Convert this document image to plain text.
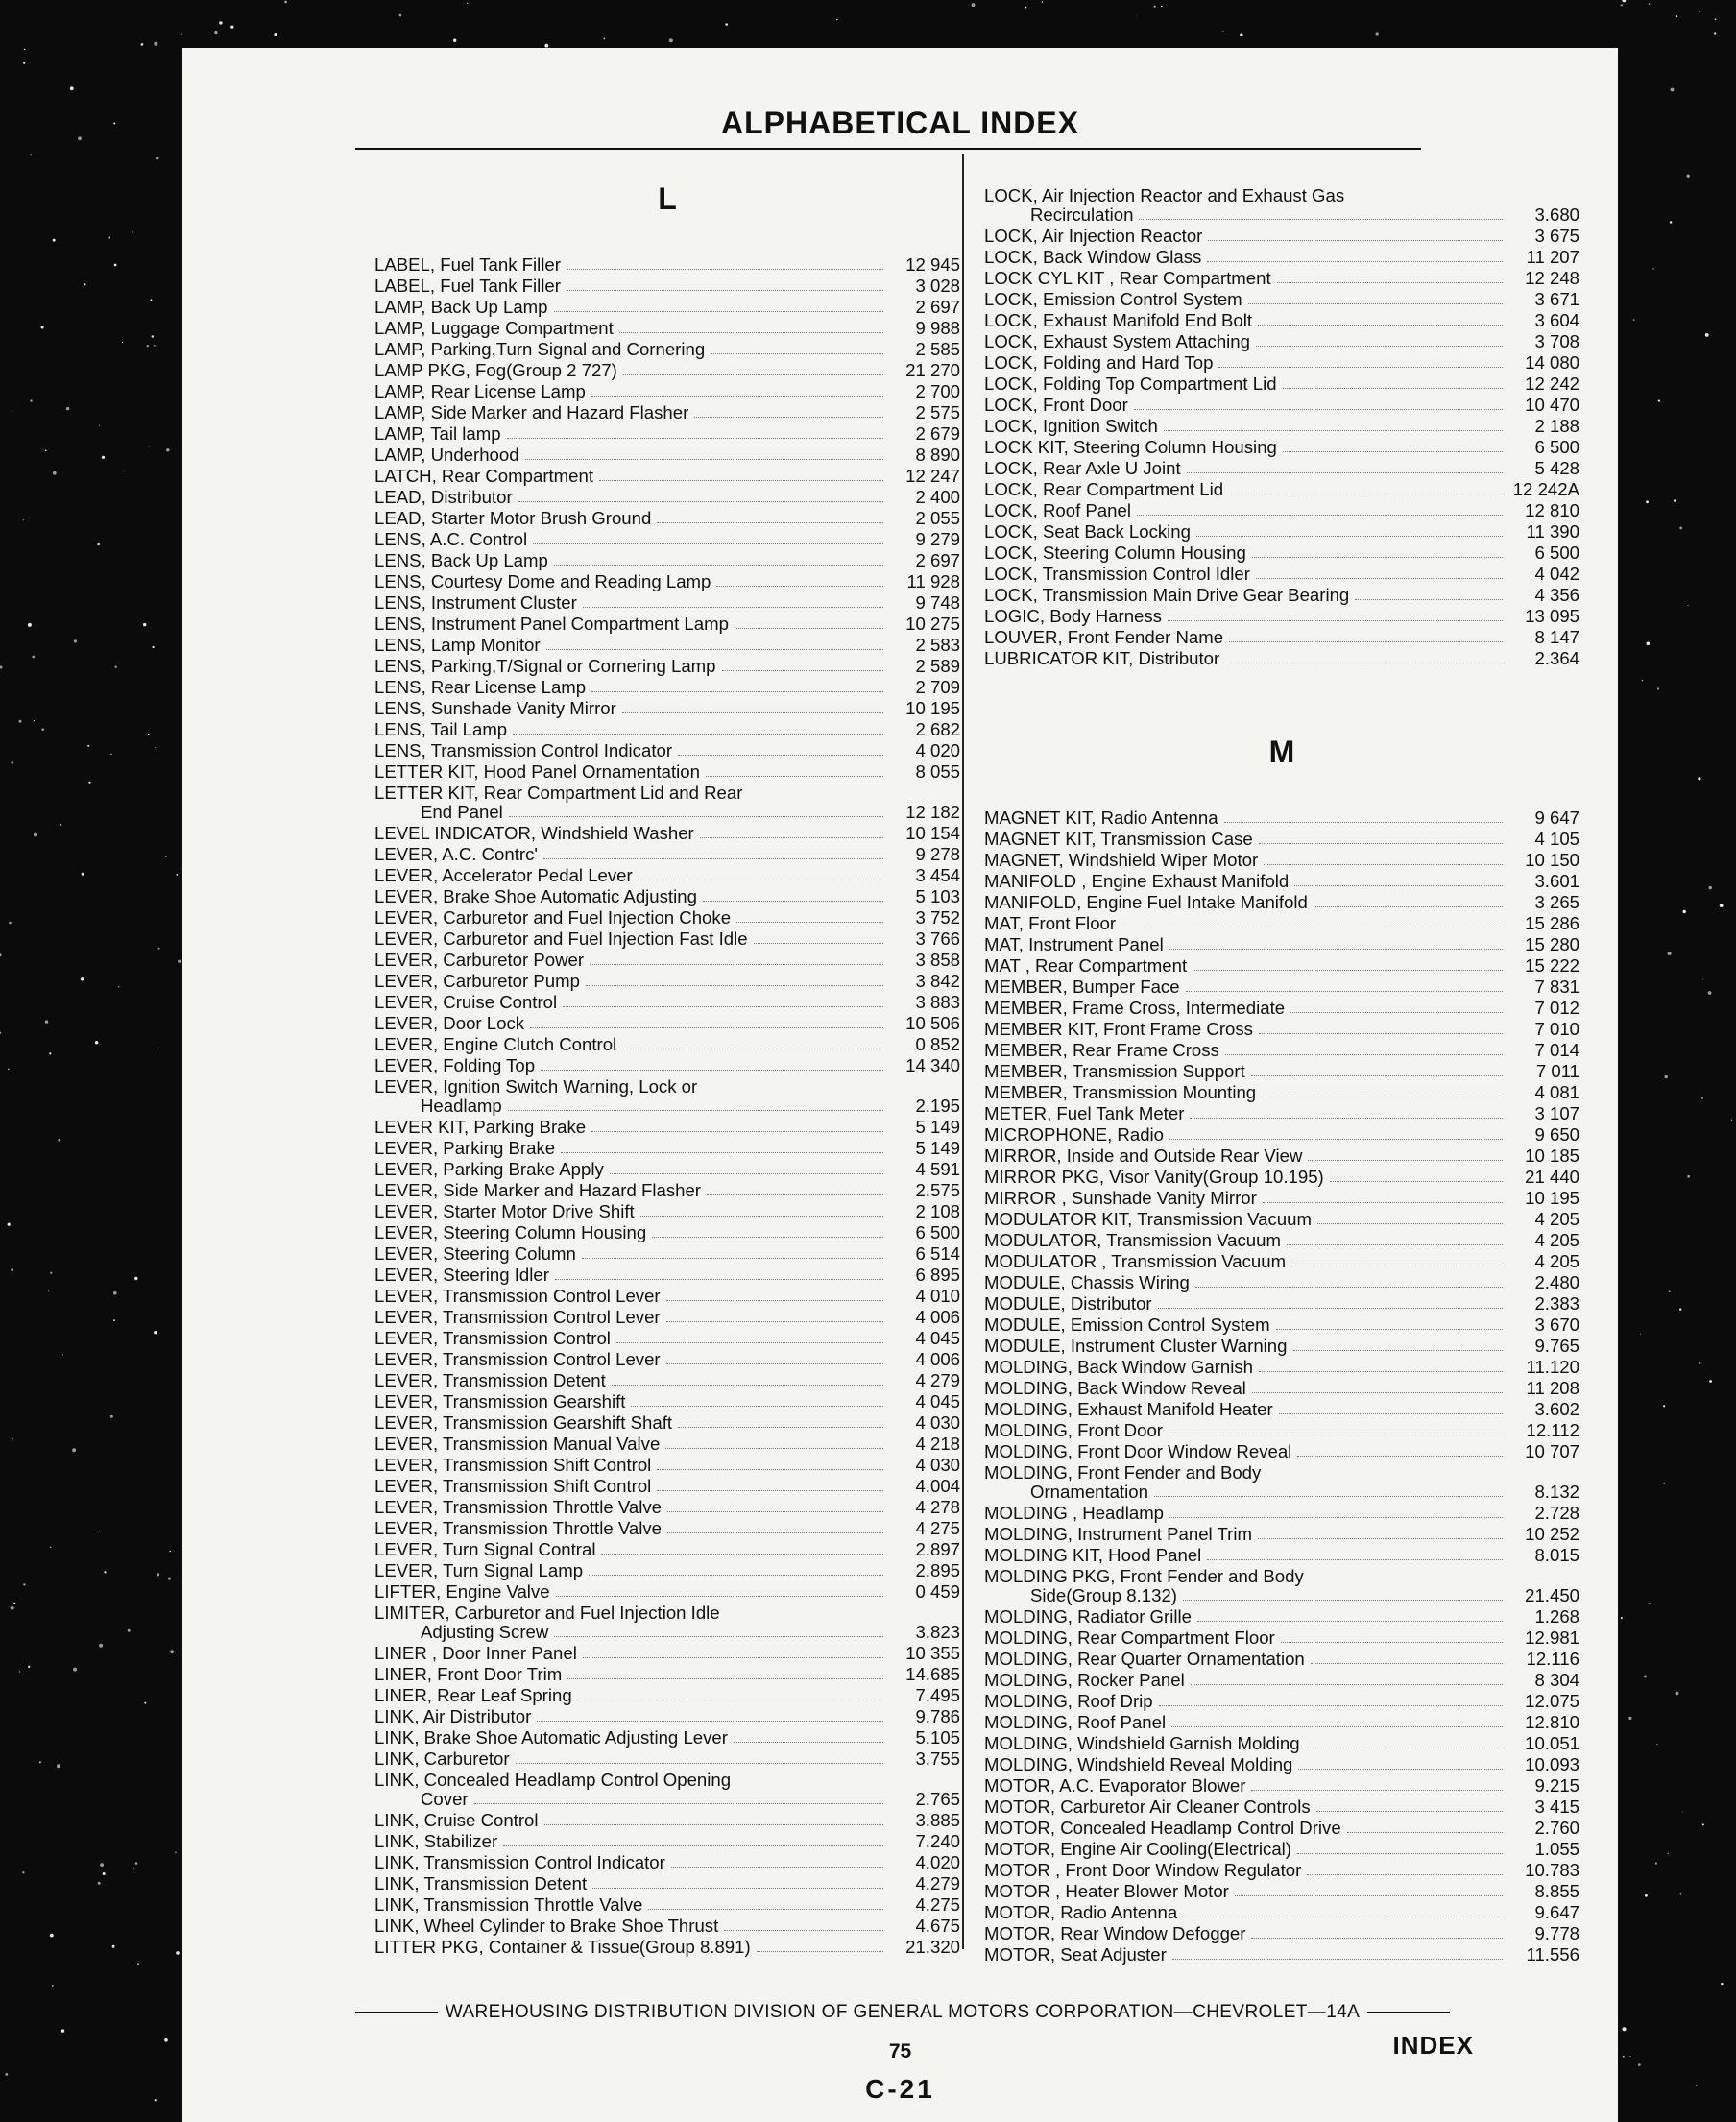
ALPHABETICAL INDEX
L
LABEL, Fuel Tank Filler	12 945
LABEL, Fuel Tank Filler	3 028
LAMP, Back Up Lamp	2 697
LAMP, Luggage Compartment	9 988
LAMP, Parking,Turn Signal and Cornering	2 585
LAMP PKG, Fog(Group 2 727)	21 270
LAMP, Rear License Lamp	2 700
LAMP, Side Marker and Hazard Flasher	2 575
LAMP, Tail lamp	2 679
LAMP, Underhood	8 890
LATCH, Rear Compartment	12 247
LEAD, Distributor	2 400
LEAD, Starter Motor Brush Ground	2 055
LENS, A.C. Control	9 279
LENS, Back Up Lamp	2 697
LENS, Courtesy Dome and Reading Lamp	11 928
LENS, Instrument Cluster	9 748
LENS, Instrument Panel Compartment Lamp	10 275
LENS, Lamp Monitor	2 583
LENS, Parking,T/Signal or Cornering Lamp	2 589
LENS, Rear License Lamp	2 709
LENS, Sunshade Vanity Mirror	10 195
LENS, Tail Lamp	2 682
LENS, Transmission Control Indicator	4 020
LETTER KIT, Hood Panel Ornamentation	8 055
LETTER KIT, Rear Compartment Lid and Rear
End Panel	12 182
LEVEL INDICATOR, Windshield Washer	10 154
LEVER, A.C. Contrc'	9 278
LEVER, Accelerator Pedal Lever	3 454
LEVER, Brake Shoe Automatic Adjusting	5 103
LEVER, Carburetor and Fuel Injection Choke	3 752
LEVER, Carburetor and Fuel Injection Fast Idle	3 766
LEVER, Carburetor Power	3 858
LEVER, Carburetor Pump	3 842
LEVER, Cruise Control	3 883
LEVER, Door Lock	10 506
LEVER, Engine Clutch Control	0 852
LEVER, Folding Top	14 340
LEVER, Ignition Switch Warning, Lock or
Headlamp	2.195
LEVER KIT, Parking Brake	5 149
LEVER, Parking Brake	5 149
LEVER, Parking Brake Apply	4 591
LEVER, Side Marker and Hazard Flasher	2.575
LEVER, Starter Motor Drive Shift	2 108
LEVER, Steering Column Housing	6 500
LEVER, Steering Column	6 514
LEVER, Steering Idler	6 895
LEVER, Transmission Control Lever	4 010
LEVER, Transmission Control Lever	4 006
LEVER, Transmission Control	4 045
LEVER, Transmission Control Lever	4 006
LEVER, Transmission Detent	4 279
LEVER, Transmission Gearshift	4 045
LEVER, Transmission Gearshift Shaft	4 030
LEVER, Transmission Manual Valve	4 218
LEVER, Transmission Shift Control	4 030
LEVER, Transmission Shift Control	4.004
LEVER, Transmission Throttle Valve	4 278
LEVER, Transmission Throttle Valve	4 275
LEVER, Turn Signal Contral	2.897
LEVER, Turn Signal Lamp	2.895
LIFTER, Engine Valve	0 459
LIMITER, Carburetor and Fuel Injection Idle
Adjusting Screw	3.823
LINER , Door Inner Panel	10 355
LINER, Front Door Trim	14.685
LINER, Rear Leaf Spring	7.495
LINK, Air Distributor	9.786
LINK, Brake Shoe Automatic Adjusting Lever	5.105
LINK, Carburetor	3.755
LINK, Concealed Headlamp Control Opening
Cover	2.765
LINK, Cruise Control	3.885
LINK, Stabilizer	7.240
LINK, Transmission Control Indicator	4.020
LINK, Transmission Detent	4.279
LINK, Transmission Throttle Valve	4.275
LINK, Wheel Cylinder to Brake Shoe Thrust	4.675
LITTER PKG, Container & Tissue(Group 8.891)	21.320
LOCK, Air Injection Reactor and Exhaust Gas
Recirculation	3.680
LOCK, Air Injection Reactor	3 675
LOCK, Back Window Glass	11 207
LOCK CYL KIT , Rear Compartment	12 248
LOCK, Emission Control System	3 671
LOCK, Exhaust Manifold End Bolt	3 604
LOCK, Exhaust System Attaching	3 708
LOCK, Folding and Hard Top	14 080
LOCK, Folding Top Compartment Lid	12 242
LOCK, Front Door	10 470
LOCK, Ignition Switch	2 188
LOCK KIT, Steering Column Housing	6 500
LOCK, Rear Axle U Joint	5 428
LOCK, Rear Compartment Lid	12 242A
LOCK, Roof Panel	12 810
LOCK, Seat Back Locking	11 390
LOCK, Steering Column Housing	6 500
LOCK, Transmission Control Idler	4 042
LOCK, Transmission Main Drive Gear Bearing	4 356
LOGIC, Body Harness	13 095
LOUVER, Front Fender Name	8 147
LUBRICATOR KIT, Distributor	2.364
M
MAGNET KIT, Radio Antenna	9 647
MAGNET KIT, Transmission Case	4 105
MAGNET, Windshield Wiper Motor	10 150
MANIFOLD , Engine Exhaust Manifold	3.601
MANIFOLD, Engine Fuel Intake Manifold	3 265
MAT, Front Floor	15 286
MAT, Instrument Panel	15 280
MAT , Rear Compartment	15 222
MEMBER, Bumper Face	7 831
MEMBER, Frame Cross, Intermediate	7 012
MEMBER KIT, Front Frame Cross	7 010
MEMBER, Rear Frame Cross	7 014
MEMBER, Transmission Support	7 011
MEMBER, Transmission Mounting	4 081
METER, Fuel Tank Meter	3 107
MICROPHONE, Radio	9 650
MIRROR, Inside and Outside Rear View	10 185
MIRROR PKG, Visor Vanity(Group 10.195)	21 440
MIRROR , Sunshade Vanity Mirror	10 195
MODULATOR KIT, Transmission Vacuum	4 205
MODULATOR, Transmission Vacuum	4 205
MODULATOR , Transmission Vacuum	4 205
MODULE, Chassis Wiring	2.480
MODULE, Distributor	2.383
MODULE, Emission Control System	3 670
MODULE, Instrument Cluster Warning	9.765
MOLDING, Back Window Garnish	11.120
MOLDING, Back Window Reveal	11 208
MOLDING, Exhaust Manifold Heater	3.602
MOLDING, Front Door	12.112
MOLDING, Front Door Window Reveal	10 707
MOLDING, Front Fender and Body
Ornamentation	8.132
MOLDING , Headlamp	2.728
MOLDING, Instrument Panel Trim	10 252
MOLDING KIT, Hood Panel	8.015
MOLDING PKG, Front Fender and Body
Side(Group 8.132)	21.450
MOLDING, Radiator Grille	1.268
MOLDING, Rear Compartment Floor	12.981
MOLDING, Rear Quarter Ornamentation	12.116
MOLDING, Rocker Panel	8 304
MOLDING, Roof Drip	12.075
MOLDING, Roof Panel	12.810
MOLDING, Windshield Garnish Molding	10.051
MOLDING, Windshield Reveal Molding	10.093
MOTOR, A.C. Evaporator Blower	9.215
MOTOR, Carburetor Air Cleaner Controls	3 415
MOTOR, Concealed Headlamp Control Drive	2.760
MOTOR, Engine Air Cooling(Electrical)	1.055
MOTOR , Front Door Window Regulator	10.783
MOTOR , Heater Blower Motor	8.855
MOTOR, Radio Antenna	9.647
MOTOR, Rear Window Defogger	9.778
MOTOR, Seat Adjuster	11.556
WAREHOUSING DISTRIBUTION DIVISION OF GENERAL MOTORS CORPORATION—CHEVROLET—14A
INDEX
75
C-21
